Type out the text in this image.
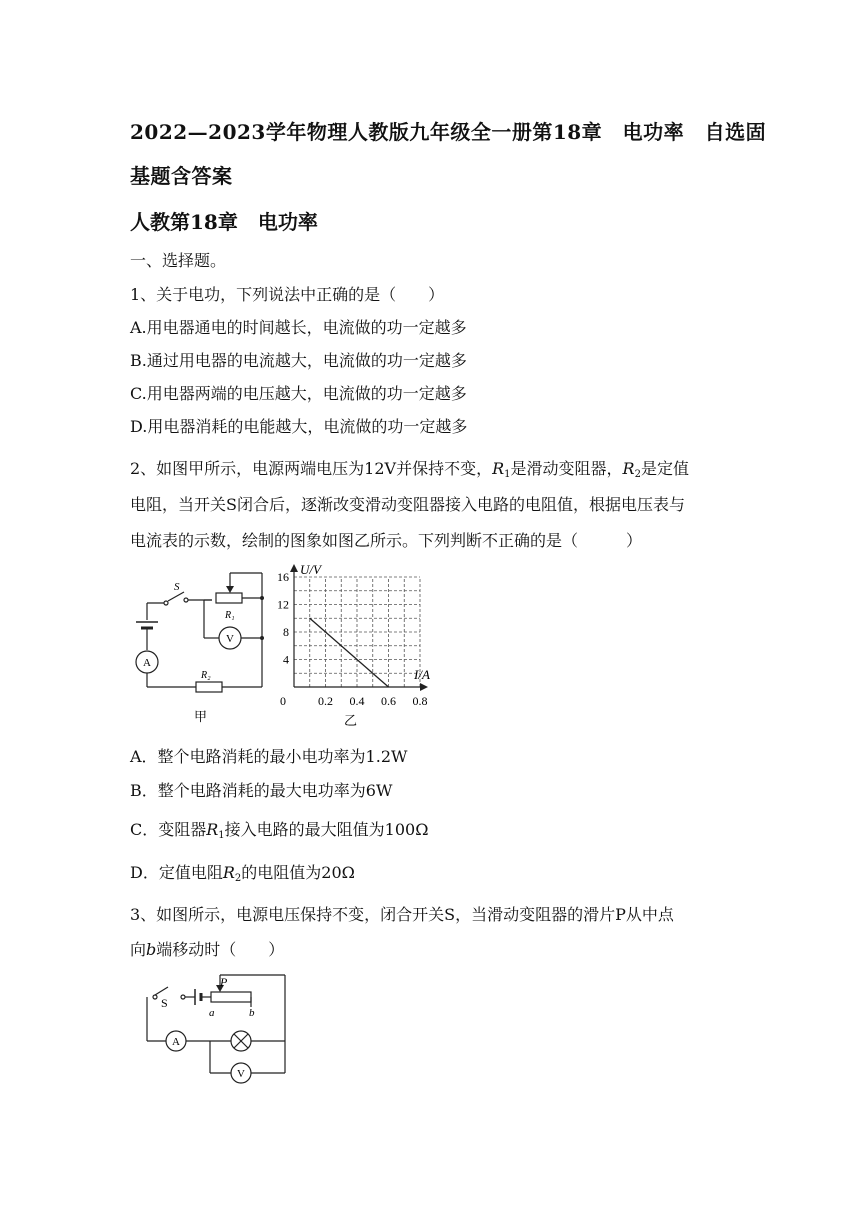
2022—2023学年物理人教版九年级全一册第18章　电功率　自选固
基题含答案
人教第18章　电功率
一、选择题。
1、关于电功，下列说法中正确的是（　　）
A.用电器通电的时间越长，电流做的功一定越多
B.通过用电器的电流越大，电流做的功一定越多
C.用电器两端的电压越大，电流做的功一定越多
D.用电器消耗的电能越大，电流做的功一定越多
2、如图甲所示，电源两端电压为12V并保持不变，$R_1$是滑动变阻器，$R_2$是定值
电阻，当开关S闭合后，逐渐改变滑动变阻器接入电路的电阻值，根据电压表与
电流表的示数，绘制的图象如图乙所示。下列判断不正确的是（　　　）
S
R₁
R₂
V
A
甲
4
8
12
16
0.2 0.4 0.6 0.8
U/V
I/A
0
乙
A．整个电路消耗的最小电功率为1.2W
B．整个电路消耗的最大电功率为6W
C．变阻器$R_1$接入电路的最大阻值为100Ω
D．定值电阻$R_2$的电阻值为20Ω
3、如图所示，电源电压保持不变，闭合开关S，当滑动变阻器的滑片P从中点
向b端移动时（　　）
S
P
a	b
A
V
